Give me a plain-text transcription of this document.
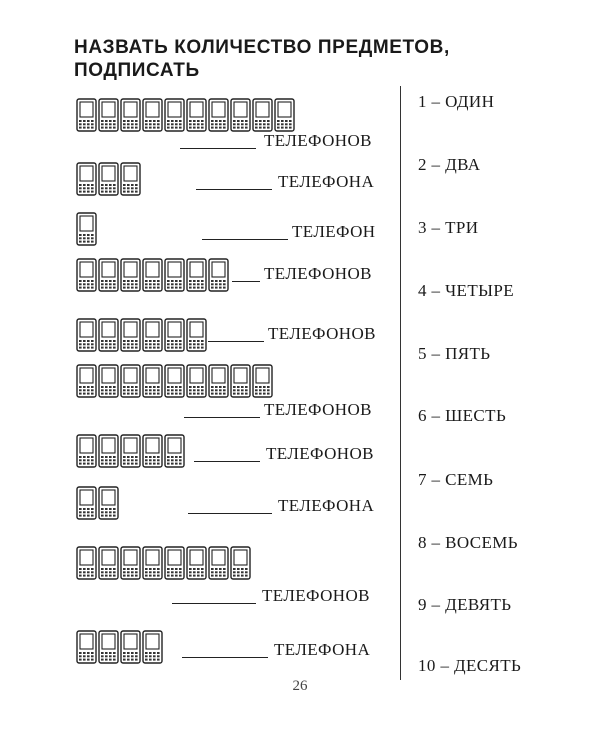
НАЗВАТЬ КОЛИЧЕСТВО ПРЕДМЕТОВ,
ПОДПИСАТЬ
ТЕЛЕФОНОВ
ТЕЛЕФОНА
ТЕЛЕФОН
ТЕЛЕФОНОВ
ТЕЛЕФОНОВ
ТЕЛЕФОНОВ
ТЕЛЕФОНОВ
ТЕЛЕФОНА
ТЕЛЕФОНОВ
ТЕЛЕФОНА
1 – ОДИН
2 – ДВА
3 – ТРИ
4 – ЧЕТЫРЕ
5 – ПЯТЬ
6 – ШЕСТЬ
7 – СЕМЬ
8 – ВОСЕМЬ
9 – ДЕВЯТЬ
10 – ДЕСЯТЬ
26
